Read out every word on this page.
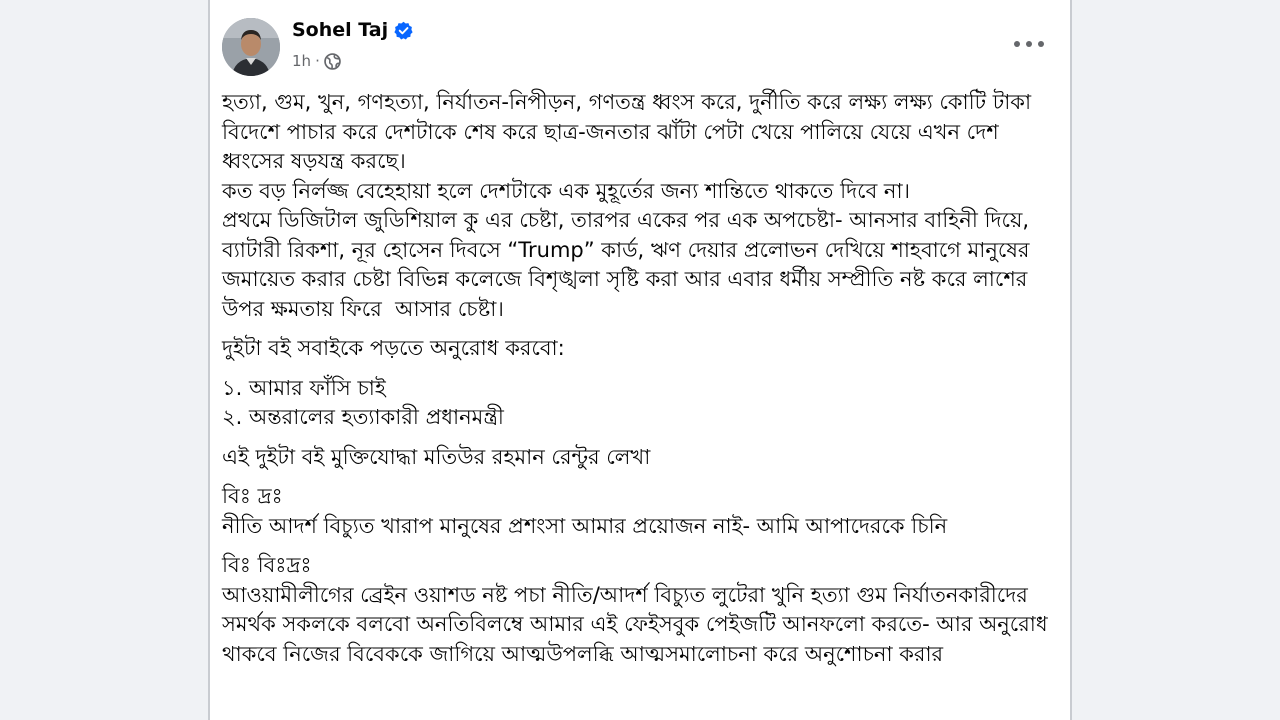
Sohel Taj
1h ·

হত্যা, গুম, খুন, গণহত্যা, নির্যাতন-নিপীড়ন, গণতন্ত্র ধ্বংস করে, দুর্নীতি করে লক্ষ্য লক্ষ্য কোটি টাকা বিদেশে পাচার করে দেশটাকে শেষ করে ছাত্র-জনতার ঝাঁটা পেটা খেয়ে পালিয়ে যেয়ে এখন দেশ ধ্বংসের ষড়যন্ত্র করছে।
কত বড় নির্লজ্জ বেহেহায়া হলে দেশটাকে এক মুহূর্তের জন্য শান্তিতে থাকতে দিবে না।
প্রথমে ডিজিটাল জুডিশিয়াল কু এর চেষ্টা, তারপর একের পর এক অপচেষ্টা- আনসার বাহিনী দিয়ে, ব্যাটারী রিকশা, নূর হোসেন দিবসে “Trump” কার্ড, ঋণ দেয়ার প্রলোভন দেখিয়ে শাহবাগে মানুষের জমায়েত করার চেষ্টা বিভিন্ন কলেজে বিশৃঙ্খলা সৃষ্টি করা আর এবার ধর্মীয় সম্প্রীতি নষ্ট করে লাশের উপর ক্ষমতায় ফিরে  আসার চেষ্টা।

দুইটা বই সবাইকে পড়তে অনুরোধ করবো:

১. আমার ফাঁসি চাই
২. অন্তরালের হত্যাকারী প্রধানমন্ত্রী

এই দুইটা বই মুক্তিযোদ্ধা মতিউর রহমান রেন্টুর লেখা

বিঃ দ্রঃ
নীতি আদর্শ বিচ্যুত খারাপ মানুষের প্রশংসা আমার প্রয়োজন নাই- আমি আপাদেরকে চিনি

বিঃ বিঃদ্রঃ
আওয়ামীলীগের ব্রেইন ওয়াশড নষ্ট পচা নীতি/আদর্শ বিচ্যুত লুটেরা খুনি হত্যা গুম নির্যাতনকারীদের সমর্থক সকলকে বলবো অনতিবিলম্বে আমার এই ফেইসবুক পেইজটি আনফলো করতে- আর অনুরোধ থাকবে নিজের বিবেককে জাগিয়ে আত্মউপলব্ধি আত্মসমালোচনা করে অনুশোচনা করার
